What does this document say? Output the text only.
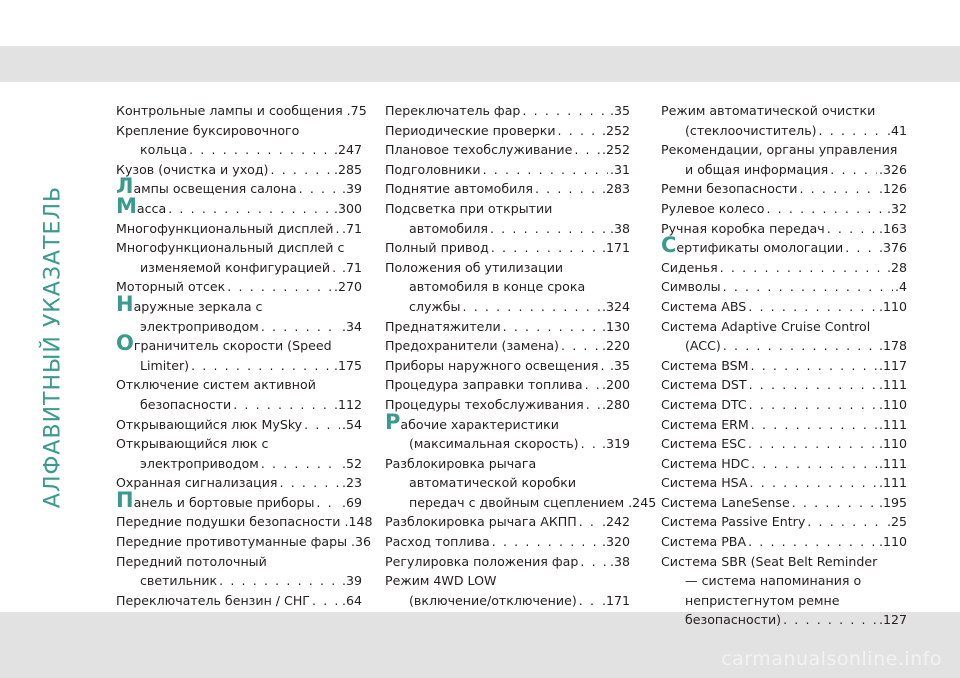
АЛФАВИТНЫЙ УКАЗАТЕЛЬ
Контрольные лампы и сообщения .75
Крепление буксировочного
кольца . . .	.247
Кузов (очистка и уход) . . .	.285
Лампы освещения салона . . .	.39
Масса . . .	.300
Многофункциональный дисплей . . . .71
Многофункциональный дисплей с
изменяемой конфигурацией . . . .71
Моторный отсек . . .	.270
Наружные зеркала с
электроприводом . . .	.34
Ограничитель скорости (Speed
Limiter) . . .	.175
Отключение систем активной
безопасности . . .	.112
Открывающийся люк MySky . . .	.54
Открывающийся люк с
электроприводом . . .	.52
Охранная сигнализация . . .	.23
Панель и бортовые приборы . . . .69
Передние подушки безопасности .148
Передние противотуманные фары .36
Передний потолочный
светильник . . .	.39
Переключатель бензин / СНГ . . .	.64
Переключатель фар . . .	.35
Периодические проверки . . .	.252
Плановое техобслуживание . . . .252
Подголовники . . .	.31
Поднятие автомобиля . . .	.283
Подсветка при открытии
автомобиля . . .	.38
Полный привод . . .	.171
Положения об утилизации
автомобиля в конце срока
службы . . .	.324
Преднатяжители . . .	.130
Предохранители (замена) . . .	.220
Приборы наружного освещения . . . .35
Процедура заправки топлива . . . .200
Процедуры техобслуживания . . . .280
Рабочие характеристики
(максимальная скорость) . . . .319
Разблокировка рычага
автоматической коробки
передач с двойным сцеплением .245
Разблокировка рычага АКПП . . . .242
Расход топлива . . .	.320
Регулировка положения фар . . .	.38
Режим 4WD LOW
(включение/отключение) . . . .171
Режим автоматической очистки
(стеклоочиститель) . . .	.41
Рекомендации, органы управления
и общая информация . . .	.326
Ремни безопасности . . .	.126
Рулевое колесо . . .	.32
Ручная коробка передач . . .	.163
Сертификаты омологации . . .	.376
Сиденья . . .	.28
Символы . . .	.4
Система ABS . . .	.110
Система Adaptive Cruise Control
(ACC) . . .	.178
Система BSM . . .	.117
Система DST . . .	.111
Система DTC . . .	.110
Система ERM . . .	.111
Система ESC . . .	.110
Система HDC . . .	.111
Система HSA . . .	.111
Система LaneSense . . .	.195
Система Passive Entry . . .	.25
Система PBA . . .	.110
Система SBR (Seat Belt Reminder
— система напоминания о
непристегнутом ремне
безопасности) . . .	.127
carmanualsonline.info
